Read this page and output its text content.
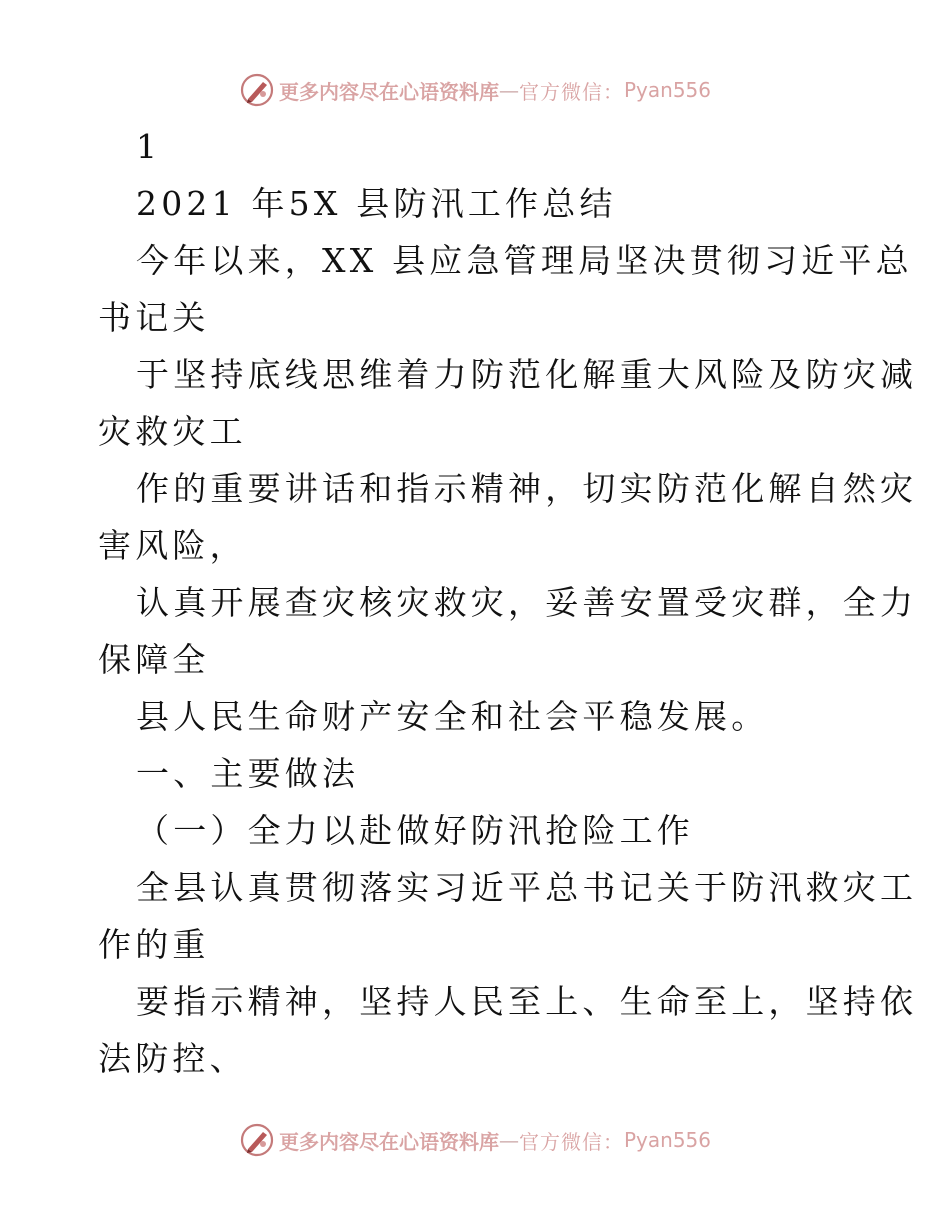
更多内容尽在心语资料库 — 官方微信： Pyan556

1

2021 年5X 县防汛工作总结

今年以来，XX 县应急管理局坚决贯彻习近平总

书记关

于坚持底线思维着力防范化解重大风险及防灾减

灾救灾工

作的重要讲话和指示精神，切实防范化解自然灾

害风险，

认真开展查灾核灾救灾，妥善安置受灾群，全力

保障全

县人民生命财产安全和社会平稳发展。

一、主要做法

（一）全力以赴做好防汛抢险工作

全县认真贯彻落实习近平总书记关于防汛救灾工

作的重

要指示精神，坚持人民至上、生命至上，坚持依

法防控、

更多内容尽在心语资料库 — 官方微信： Pyan556
